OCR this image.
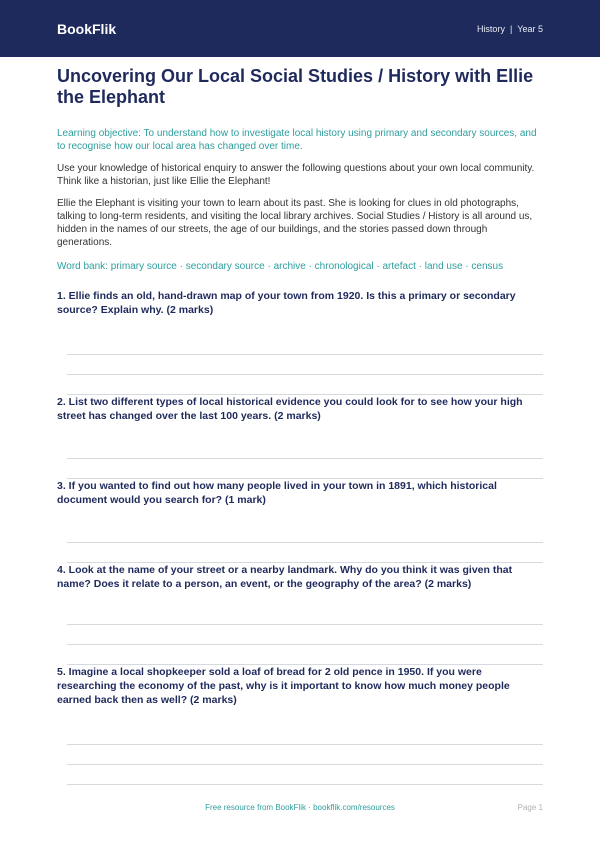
BookFlik	History | Year 5
Uncovering Our Local Social Studies / History with Ellie the Elephant
Learning objective: To understand how to investigate local history using primary and secondary sources, and to recognise how our local area has changed over time.

Use your knowledge of historical enquiry to answer the following questions about your own local community. Think like a historian, just like Ellie the Elephant!

Ellie the Elephant is visiting your town to learn about its past. She is looking for clues in old photographs, talking to long-term residents, and visiting the local library archives. Social Studies / History is all around us, hidden in the names of our streets, the age of our buildings, and the stories passed down through generations.

Word bank: primary source · secondary source · archive · chronological · artefact · land use · census

1. Ellie finds an old, hand-drawn map of your town from 1920. Is this a primary or secondary source? Explain why. (2 marks)

2. List two different types of local historical evidence you could look for to see how your high street has changed over the last 100 years. (2 marks)

3. If you wanted to find out how many people lived in your town in 1891, which historical document would you search for? (1 mark)

4. Look at the name of your street or a nearby landmark. Why do you think it was given that name? Does it relate to a person, an event, or the geography of the area? (2 marks)

5. Imagine a local shopkeeper sold a loaf of bread for 2 old pence in 1950. If you were researching the economy of the past, why is it important to know how much money people earned back then as well? (2 marks)

Free resource from BookFlik · bookflik.com/resources	Page 1
